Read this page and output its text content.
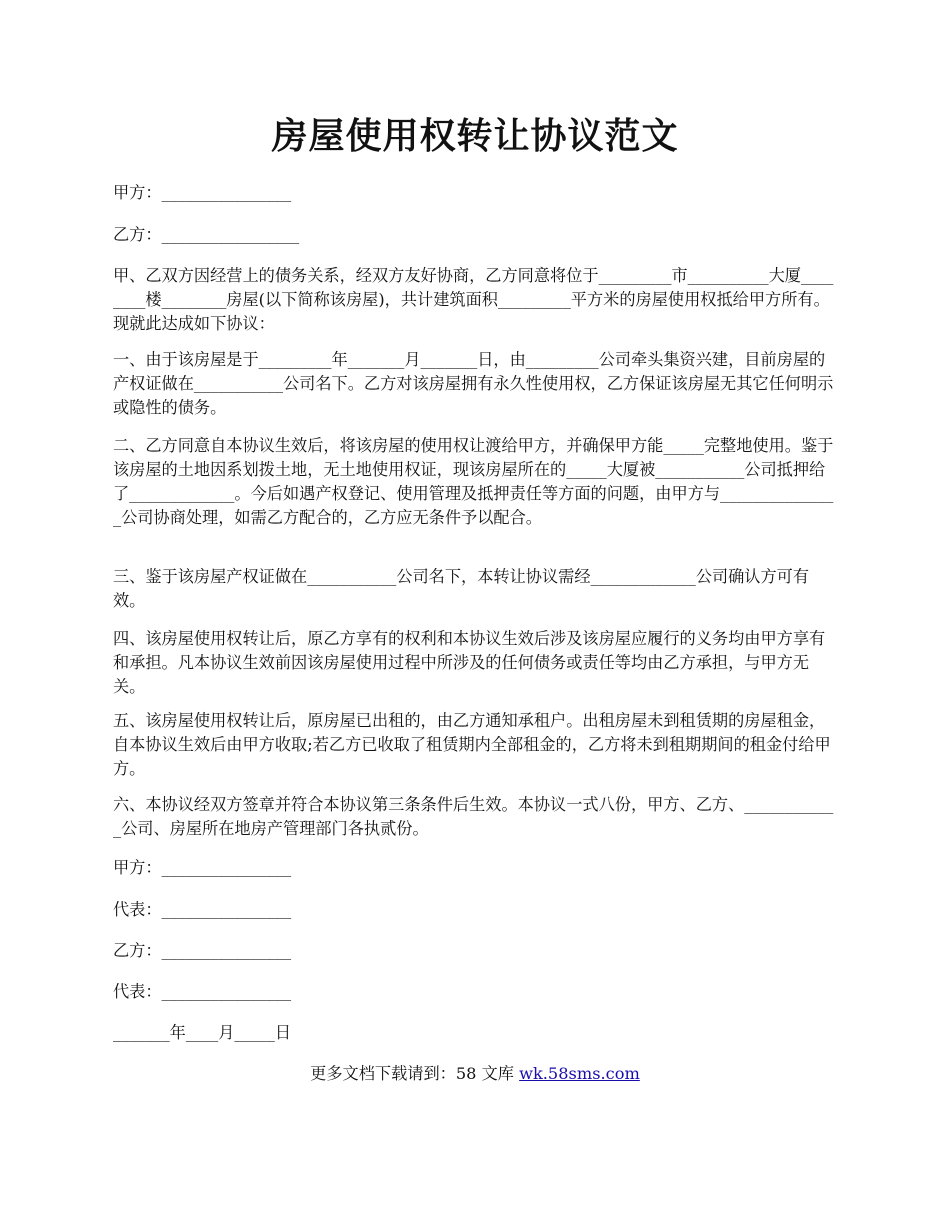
房屋使用权转让协议范文
甲方：________________
乙方：_________________
甲、乙双方因经营上的债务关系，经双方友好协商，乙方同意将位于_________市__________大厦________楼________房屋(以下简称该房屋)，共计建筑面积_________平方米的房屋使用权抵给甲方所有。现就此达成如下协议：
一、由于该房屋是于_________年_______月_______日，由_________公司牵头集资兴建，目前房屋的产权证做在___________公司名下。乙方对该房屋拥有永久性使用权，乙方保证该房屋无其它任何明示或隐性的债务。
二、乙方同意自本协议生效后，将该房屋的使用权让渡给甲方，并确保甲方能_____完整地使用。鉴于该房屋的土地因系划拨土地，无土地使用权证，现该房屋所在的_____大厦被___________公司抵押给了_____________。今后如遇产权登记、使用管理及抵押责任等方面的问题，由甲方与_______________公司协商处理，如需乙方配合的，乙方应无条件予以配合。
三、鉴于该房屋产权证做在___________公司名下，本转让协议需经_____________公司确认方可有效。
四、该房屋使用权转让后，原乙方享有的权利和本协议生效后涉及该房屋应履行的义务均由甲方享有和承担。凡本协议生效前因该房屋使用过程中所涉及的任何债务或责任等均由乙方承担，与甲方无关。
五、该房屋使用权转让后，原房屋已出租的，由乙方通知承租户。出租房屋未到租赁期的房屋租金，自本协议生效后由甲方收取;若乙方已收取了租赁期内全部租金的，乙方将未到租期期间的租金付给甲方。
六、本协议经双方签章并符合本协议第三条条件后生效。本协议一式八份，甲方、乙方、____________公司、房屋所在地房产管理部门各执贰份。
甲方：________________
代表：________________
乙方：________________
代表：________________
_______年____月_____日
更多文档下载请到：58 文库 wk.58sms.com
